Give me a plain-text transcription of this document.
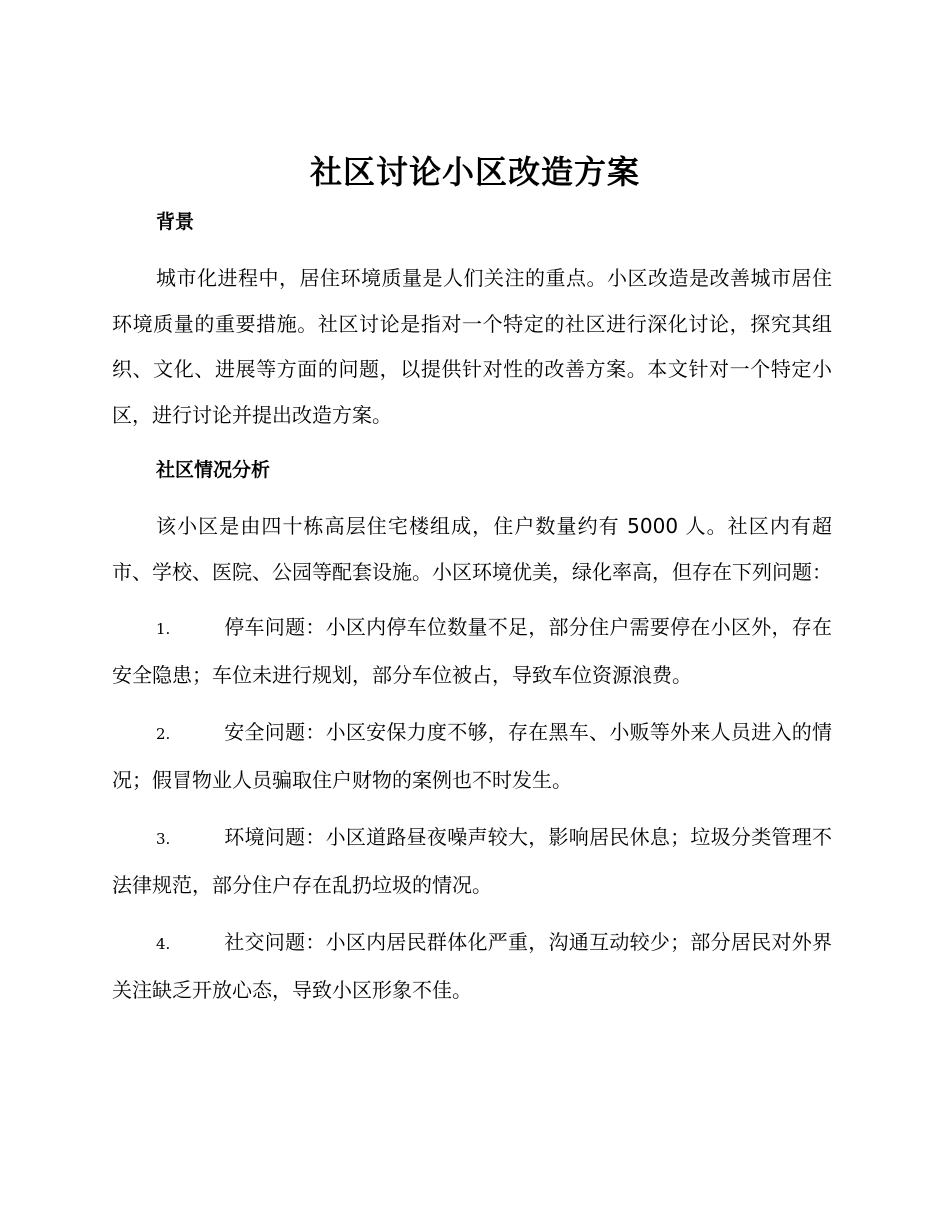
社区讨论小区改造方案
背景

城市化进程中，居住环境质量是人们关注的重点。小区改造是改善城市居住环境质量的重要措施。社区讨论是指对一个特定的社区进行深化讨论，探究其组织、文化、进展等方面的问题，以提供针对性的改善方案。本文针对一个特定小区，进行讨论并提出改造方案。

社区情况分析

该小区是由四十栋高层住宅楼组成，住户数量约有 5000 人。社区内有超市、学校、医院、公园等配套设施。小区环境优美，绿化率高，但存在下列问题：

1.	停车问题：小区内停车位数量不足，部分住户需要停在小区外，存在安全隐患；车位未进行规划，部分车位被占，导致车位资源浪费。
2.	安全问题：小区安保力度不够，存在黑车、小贩等外来人员进入的情况；假冒物业人员骗取住户财物的案例也不时发生。
3.	环境问题：小区道路昼夜噪声较大，影响居民休息；垃圾分类管理不法律规范，部分住户存在乱扔垃圾的情况。
4.	社交问题：小区内居民群体化严重，沟通互动较少；部分居民对外界关注缺乏开放心态，导致小区形象不佳。
